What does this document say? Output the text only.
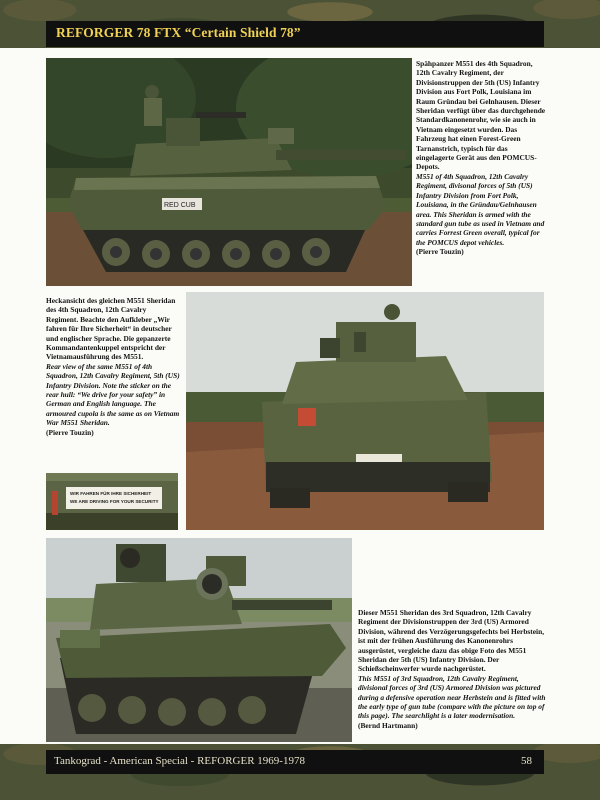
REFORGER 78 FTX “Certain Shield 78”
RED CUB

Spähpanzer M551 des 4th Squadron, 12th Cavalry Regiment, der Divisionstruppen der 5th (US) Infantry Division aus Fort Polk, Louisiana im Raum Gründau bei Gelnhausen. Dieser Sheridan verfügt über das durchgehende Standardkanonenrohr, wie sie auch in Vietnam eingesetzt wurden. Das Fahrzeug hat einen Forest-Green Tarnanstrich, typisch für das eingelagerte Gerät aus den POMCUS-Depots.

M551 of 4th Squadron, 12th Cavalry Regiment, divisonal forces of 5th (US) Infantry Division from Fort Polk, Louisiana, in the Gründau/Gelnhausen area. This Sheridan is armed with the standard gun tube as used in Vietnam and carries Forrest Green overall, typical for the POMCUS depot vehicles.

(Pierre Touzin)

Heckansicht des gleichen M551 Sheridan des 4th Squadron, 12th Cavalry Regiment. Beachte den Aufkleber „Wir fahren für Ihre Sicherheit“ in deutscher und englischer Sprache. Die gepanzerte Kommandantenkuppel entspricht der Vietnamausführung des M551.

Rear view of the same M551 of 4th Squadron, 12th Cavalry Regiment, 5th (US) Infantry Division. Note the sticker on the rear hull: “We drive for your safety” in German and English language. The armoured cupola is the same as on Vietnam War M551 Sheridan.

(Pierre Touzin)

WIR FAHREN FÜR IHRE SICHERHEIT
WE ARE DRIVING FOR YOUR SECURITY

Dieser M551 Sheridan des 3rd Squadron, 12th Cavalry Regiment der Divisionstruppen der 3rd (US) Armored Division, während des Verzögerungsgefechts bei Herbstein, ist mit der frühen Ausführung des Kanonenrohrs ausgerüstet, vergleiche dazu das obige Foto des M551 Sheridan der 5th (US) Infantry Division. Der Schießscheinwerfer wurde nachgerüstet.

This M551 of 3rd Squadron, 12th Cavalry Regiment, divisional forces of 3rd (US) Armored Division was pictured during a defensive operation near Herbstein and is fitted with the early type of gun tube (compare with the picture on top of this page). The searchlight is a later modernisation.

(Bernd Hartmann)

Tankograd - American Special - REFORGER 1969-1978	58
